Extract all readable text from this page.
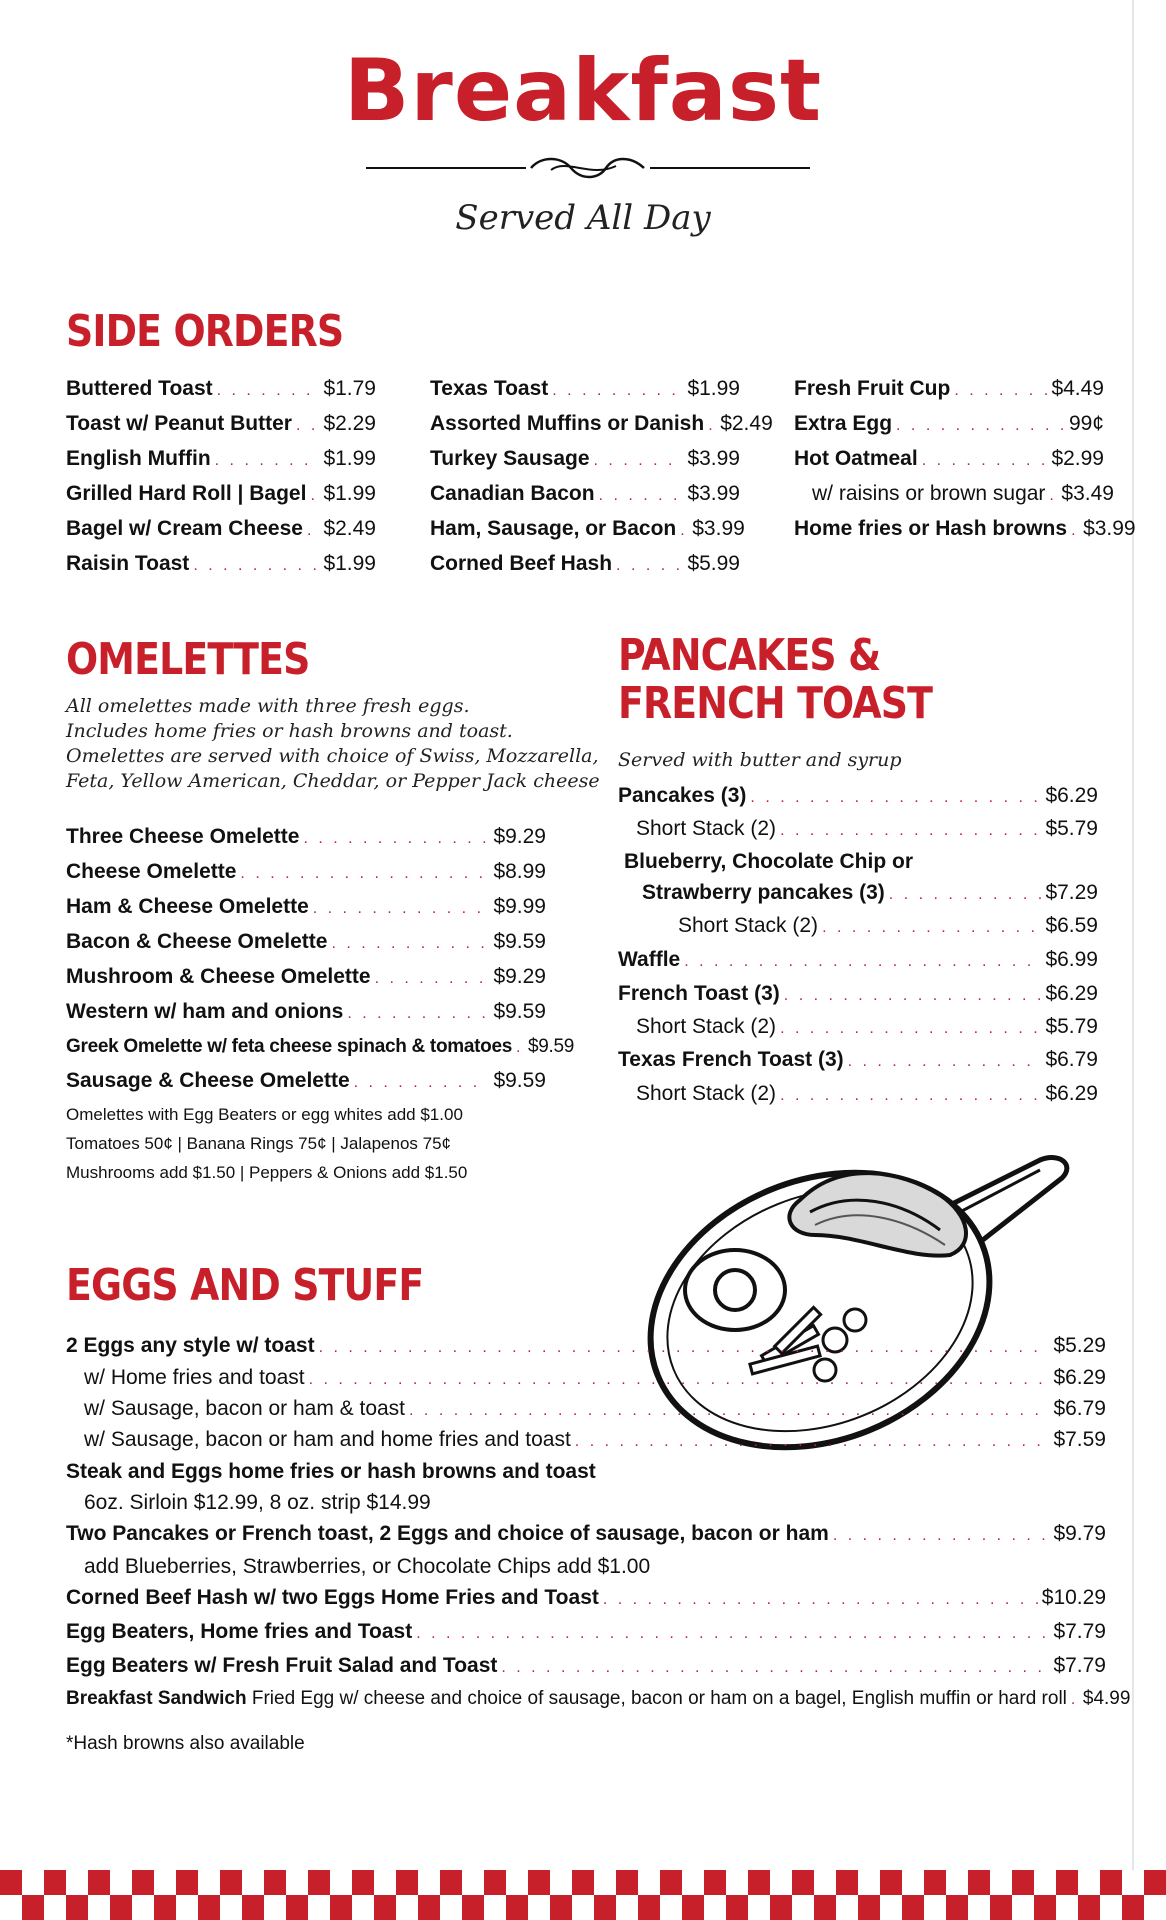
Breakfast
Served All Day
SIDE ORDERS
Buttered Toast . . .	$1.79
Toast w/ Peanut Butter . . . $2.29
English Muffin . . .	$1.99
Grilled Hard Roll | Bagel . . . $1.99
Bagel w/ Cream Cheese . . . $2.49
Raisin Toast . . .	$1.99
Texas Toast . . .	$1.99
Assorted Muffins or Danish . . . $2.49
Turkey Sausage . . .	$3.99
Canadian Bacon . . .	$3.99
Ham, Sausage, or Bacon . . . $3.99
Corned Beef Hash . . .	$5.99
Fresh Fruit Cup . . .	$4.49
Extra Egg . . .	99¢
Hot Oatmeal . . .	$2.99
w/ raisins or brown sugar . . . $3.49
Home fries or Hash browns . . . $3.99
OMELETTES
All omelettes made with three fresh eggs.
Includes home fries or hash browns and toast.
Omelettes are served with choice of Swiss, Mozzarella,
Feta, Yellow American, Cheddar, or Pepper Jack cheese
Three Cheese Omelette . . .	$9.29
Cheese Omelette . . .	$8.99
Ham & Cheese Omelette . . .	$9.99
Bacon & Cheese Omelette . . .	$9.59
Mushroom & Cheese Omelette . . .	$9.29
Western w/ ham and onions . . .	$9.59
Greek Omelette w/ feta cheese spinach & tomatoes . . . $9.59
Sausage & Cheese Omelette . . .	$9.59
Omelettes with Egg Beaters or egg whites add $1.00
Tomatoes 50¢ | Banana Rings 75¢ | Jalapenos 75¢
Mushrooms add $1.50 | Peppers & Onions add $1.50
PANCAKES &
FRENCH TOAST
Served with butter and syrup
Pancakes (3) . . .	$6.29
Short Stack (2) . . .	$5.79
Blueberry, Chocolate Chip or
Strawberry pancakes (3) . . .	$7.29
Short Stack (2) . . .	$6.59
Waffle . . .	$6.99
French Toast (3) . . .	$6.29
Short Stack (2) . . .	$5.79
Texas French Toast (3) . . .	$6.79
Short Stack (2) . . .	$6.29
EGGS AND STUFF
2 Eggs any style w/ toast . . .	$5.29
w/ Home fries and toast . . .	$6.29
w/ Sausage, bacon or ham & toast . . .	$6.79
w/ Sausage, bacon or ham and home fries and toast . . .	$7.59
Steak and Eggs home fries or hash browns and toast
6oz. Sirloin $12.99, 8 oz. strip $14.99
Two Pancakes or French toast, 2 Eggs and choice of sausage, bacon or ham . . .	$9.79
add Blueberries, Strawberries, or Chocolate Chips add $1.00
Corned Beef Hash w/ two Eggs Home Fries and Toast . . .	$10.29
Egg Beaters, Home fries and Toast . . .	$7.79
Egg Beaters w/ Fresh Fruit Salad and Toast . . .	$7.79
Breakfast Sandwich
Fried Egg w/ cheese and choice of sausage, bacon or ham on a bagel, English muffin or hard roll . . . $4.99
*Hash browns also available
